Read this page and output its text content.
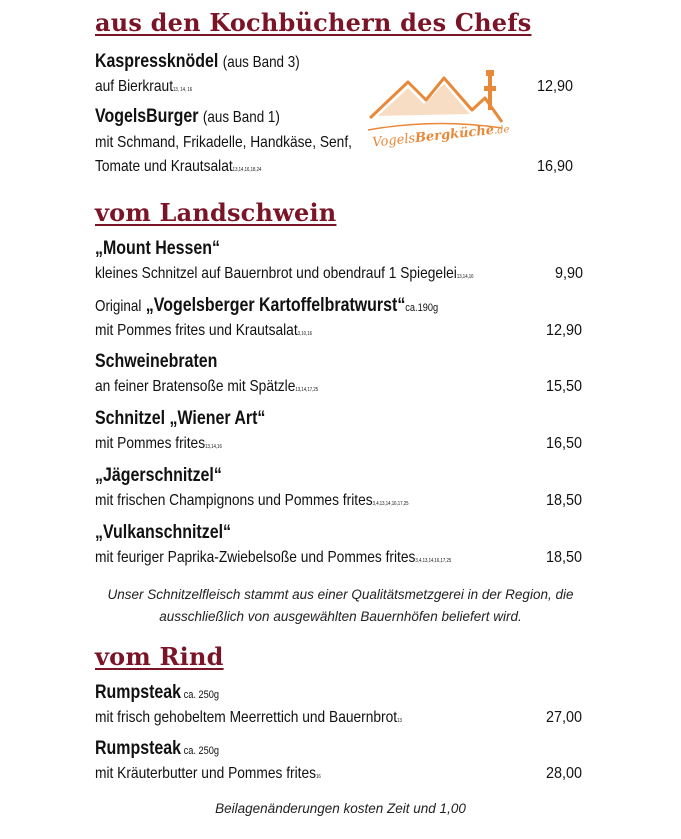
aus den Kochbüchern des Chefs
Kaspressknödel (aus Band 3)
auf Bierkraut13, 14, 16	12,90
VogelsBurger (aus Band 1)
mit Schmand, Frikadelle, Handkäse, Senf,
Tomate und Krautsalat13,14,16,18,24	16,90
VogelsBergküche.de
vom Landschwein
„Mount Hessen“
kleines Schnitzel auf Bauernbrot und obendrauf 1 Spiegelei13,14,16	9,90
Original „Vogelsberger Kartoffelbratwurst“ca.190g
mit Pommes frites und Krautsalat3,10,16	12,90
Schweinebraten
an feiner Bratensoße mit Spätzle13,14,17,25	15,50
Schnitzel „Wiener Art“
mit Pommes frites13,14,16	16,50
„Jägerschnitzel“
mit frischen Champignons und Pommes frites3,4,13,14,16,17,25	18,50
„Vulkanschnitzel“
mit feuriger Paprika-Zwiebelsoße und Pommes frites3,4,13,14,16,17,25	18,50
Unser Schnitzelfleisch stammt aus einer Qualitätsmetzgerei in der Region, die
ausschließlich von ausgewählten Bauernhöfen beliefert wird.
vom Rind
Rumpsteak ca. 250g
mit frisch gehobeltem Meerrettich und Bauernbrot13	27,00
Rumpsteak ca. 250g
mit Kräuterbutter und Pommes frites16	28,00
Beilagenänderungen kosten Zeit und 1,00
